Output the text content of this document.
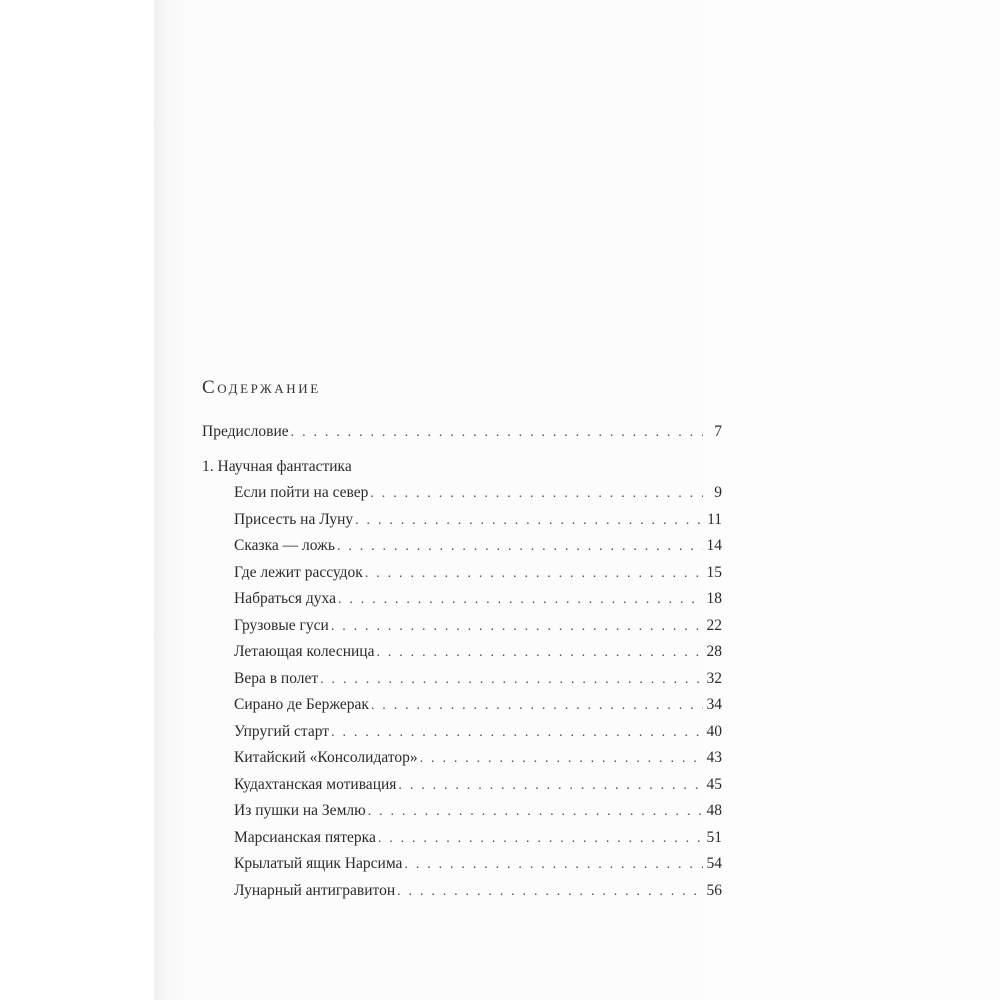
Содержание
Предисловие . . .	7
1. Научная фантастика
Если пойти на север . . .	9
Присесть на Луну . . .	11
Сказка — ложь . . .	14
Где лежит рассудок . . .	15
Набраться духа . . .	18
Грузовые гуси . . .	22
Летающая колесница . . .	28
Вера в полет . . .	32
Сирано де Бержерак . . .	34
Упругий старт . . .	40
Китайский «Консолидатор» . . .	43
Кудахтанская мотивация . . .	45
Из пушки на Землю . . .	48
Марсианская пятерка . . .	51
Крылатый ящик Нарсима . . .	54
Лунарный антигравитон . . .	56
